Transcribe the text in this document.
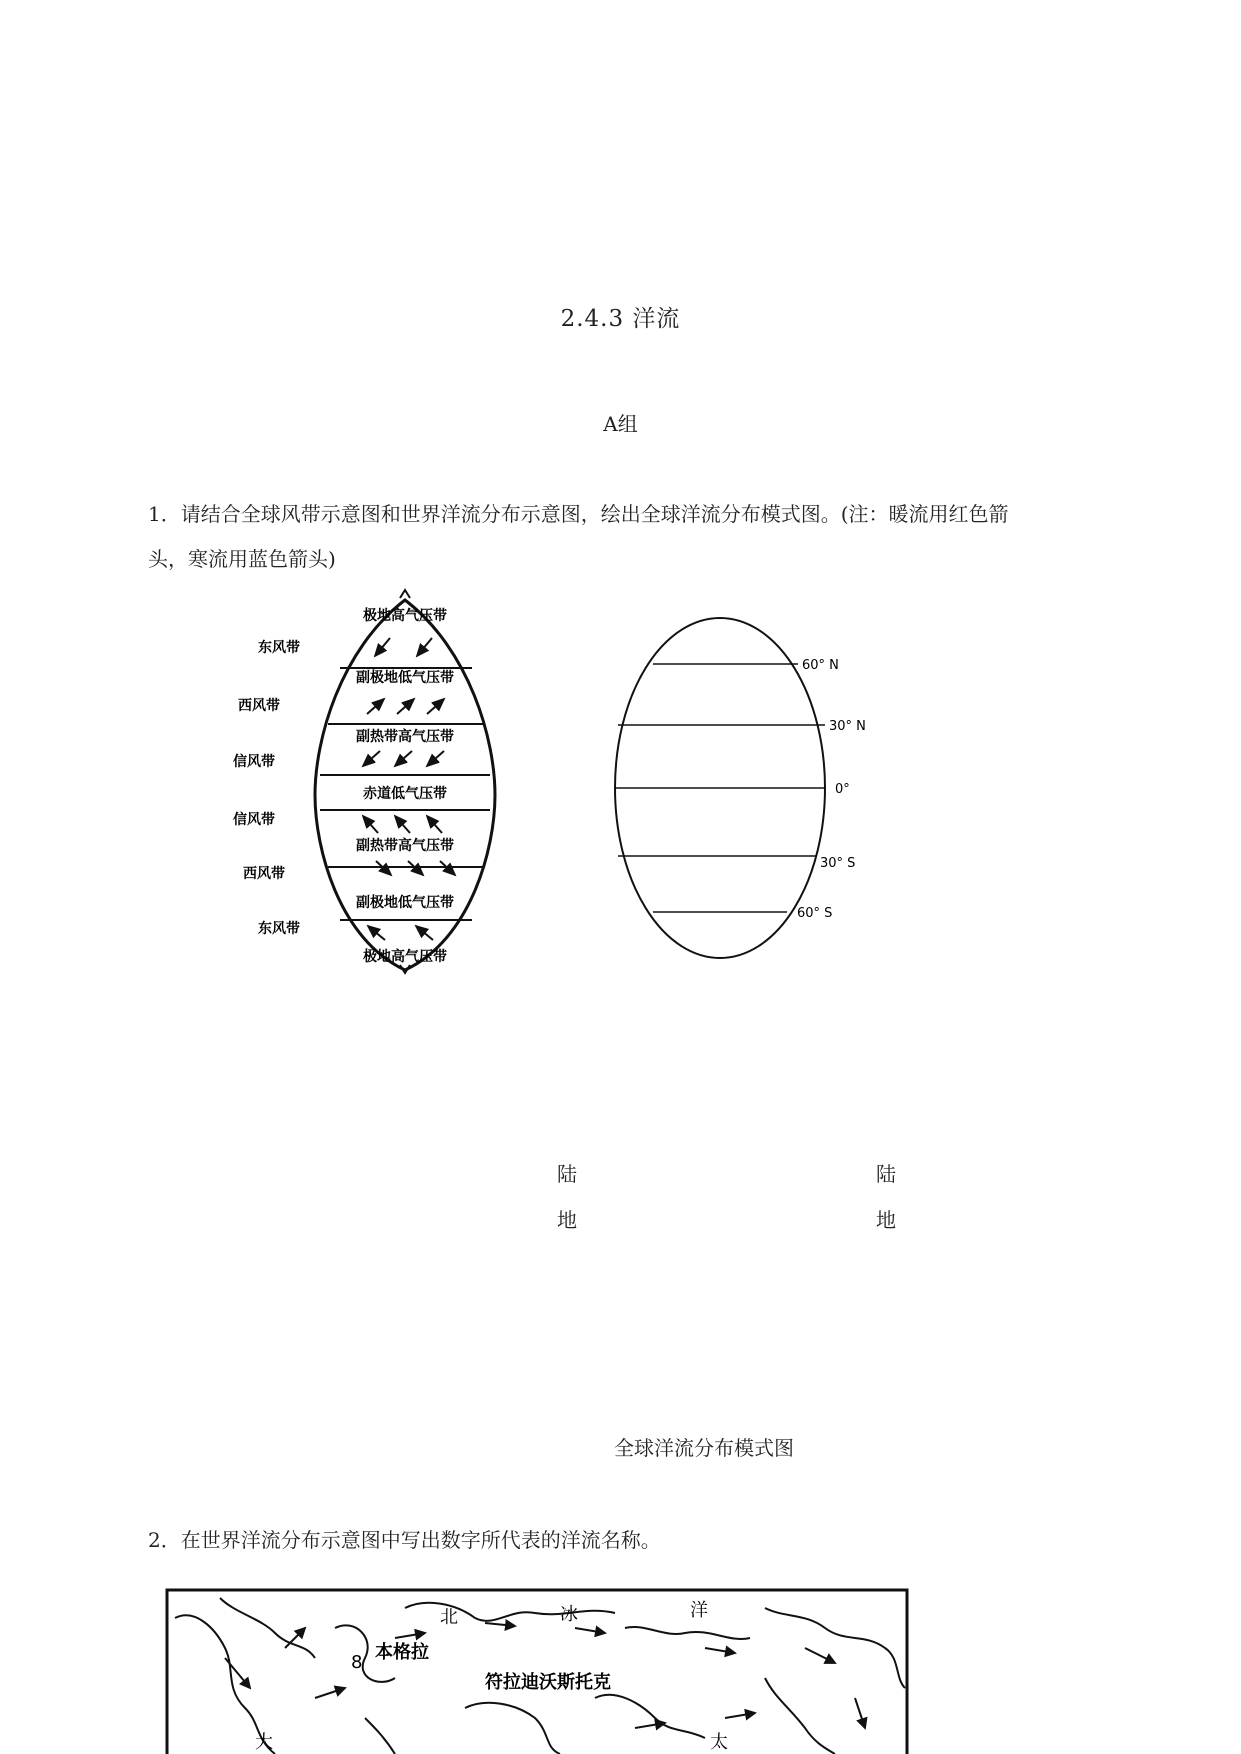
2.4.3 洋流
A组
1．请结合全球风带示意图和世界洋流分布示意图，绘出全球洋流分布模式图。(注：暖流用红色箭
头，寒流用蓝色箭头)
极地高气压带
副极地低气压带
副热带高气压带
赤道低气压带
副热带高气压带
副极地低气压带
极地高气压带
东风带
西风带
信风带
信风带
西风带
东风带
60° N
30° N
0°
30° S
60° S
陆
地
陆
地
全球洋流分布模式图
2．在世界洋流分布示意图中写出数字所代表的洋流名称。
北	冰	洋
大	太
本格拉
符拉迪沃斯托克
8
